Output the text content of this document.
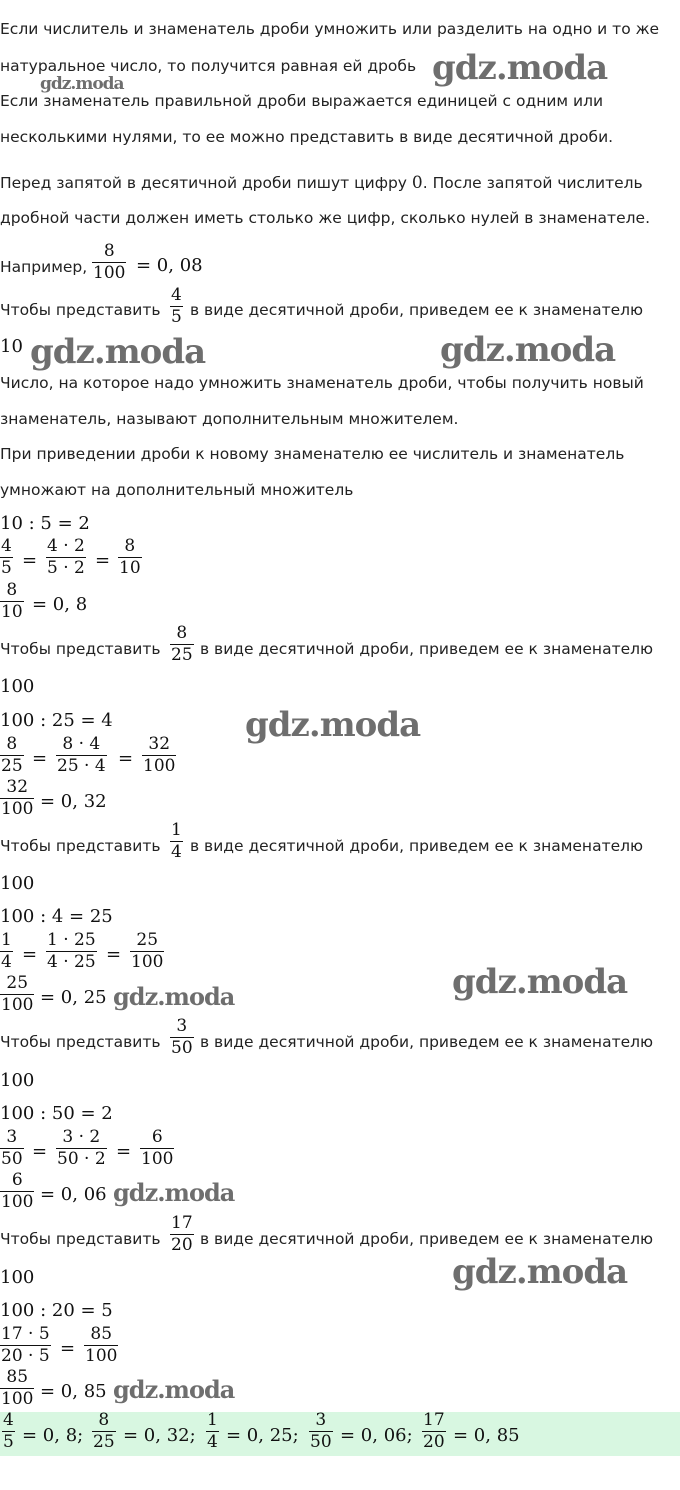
Если числитель и знаменатель дроби умножить или разделить на одно и то же
натуральное число, то получится равная ей дробь gdz.moda
gdz.moda
Если знаменатель правильной дроби выражается единицей с одним или
несколькими нулями, то ее можно представить в виде десятичной дроби.
Перед запятой в десятичной дроби пишут цифру 0. После запятой числитель
дробной части должен иметь столько же цифр, сколько нулей в знаменателе.
Например, $\frac{8}{100} = 0$, 08
Чтобы представить $\frac{4}{5}$ в виде десятичной дроби, приведем ее к знаменателю
10 gdz.moda	gdz.moda
Число, на которое надо умножить знаменатель дроби, чтобы получить новый
знаменатель, называют дополнительным множителем.
При приведении дроби к новому знаменателю ее числитель и знаменатель
умножают на дополнительный множитель
10 : 5 = 2
$\frac{4}{5} = \frac{4 \cdot 2}{5 \cdot 2} = \frac{8}{10}$
$\frac{8}{10} = 0$, 8
Чтобы представить $\frac{8}{25}$ в виде десятичной дроби, приведем ее к знаменателю
100
100 : 25 = 4	gdz.moda
$\frac{8}{25} = \frac{8 \cdot 4}{25 \cdot 4} = \frac{32}{100}$
$\frac{32}{100} = 0$, 32
Чтобы представить $\frac{1}{4}$ в виде десятичной дроби, приведем ее к знаменателю
100
100 : 4 = 25
$\frac{1}{4} = \frac{1 \cdot 25}{4 \cdot 25} = \frac{25}{100}$
gdz.moda
$\frac{25}{100} = 0$, 25 gdz.moda
Чтобы представить $\frac{3}{50}$ в виде десятичной дроби, приведем ее к знаменателю
100
100 : 50 = 2
$\frac{3}{50} = \frac{3 \cdot 2}{50 \cdot 2} = \frac{6}{100}$
$\frac{6}{100} = 0$, 06 gdz.moda
Чтобы представить $\frac{17}{20}$ в виде десятичной дроби, приведем ее к знаменателю
100	gdz.moda
100 : 20 = 5
$\frac{17 \cdot 5}{20 \cdot 5} = \frac{85}{100}$
$\frac{85}{100} = 0$, 85 gdz.moda
$\frac{4}{5} = 0$, 8; $\frac{8}{25} = 0$, 32; $\frac{1}{4} = 0$, 25; $\frac{3}{50} = 0$, 06; $\frac{17}{20} = 0$, 85
